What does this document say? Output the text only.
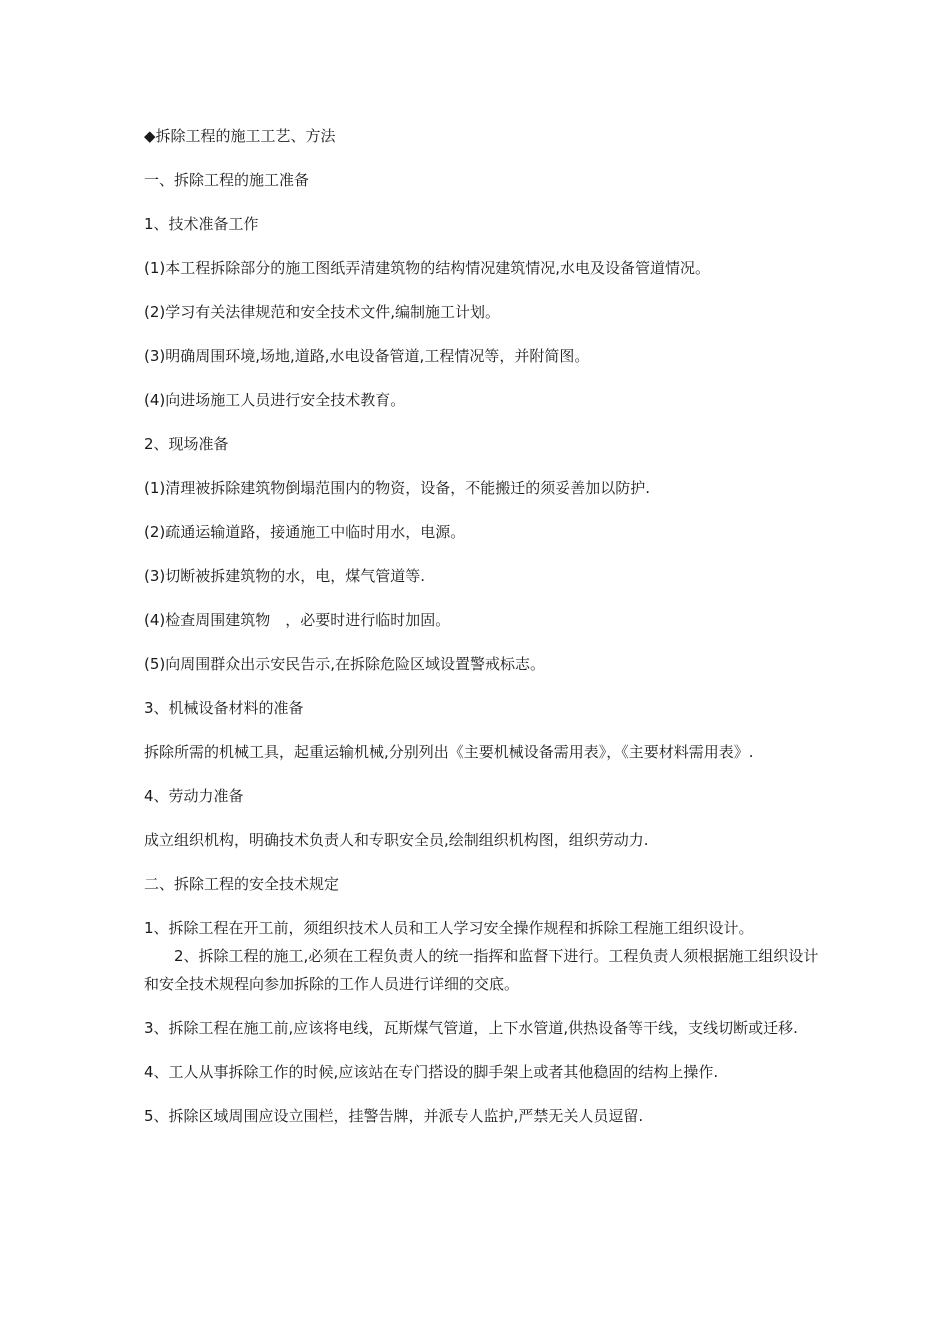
◆拆除工程的施工工艺、方法

一、拆除工程的施工准备

1、技术准备工作

(1)本工程拆除部分的施工图纸弄清建筑物的结构情况建筑情况,水电及设备管道情况。

(2)学习有关法律规范和安全技术文件,编制施工计划。

(3)明确周围环境,场地,道路,水电设备管道,工程情况等，并附简图。

(4)向进场施工人员进行安全技术教育。

2、现场准备

(1)清理被拆除建筑物倒塌范围内的物资，设备，不能搬迁的须妥善加以防护.

(2)疏通运输道路，接通施工中临时用水，电源。

(3)切断被拆建筑物的水，电，煤气管道等.

(4)检查周围建筑物　，必要时进行临时加固。

(5)向周围群众出示安民告示,在拆除危险区域设置警戒标志。

3、机械设备材料的准备

拆除所需的机械工具，起重运输机械,分别列出《主要机械设备需用表》，《主要材料需用表》.

4、劳动力准备

成立组织机构，明确技术负责人和专职安全员,绘制组织机构图，组织劳动力.

二、拆除工程的安全技术规定

1、拆除工程在开工前，须组织技术人员和工人学习安全操作规程和拆除工程施工组织设计。

2、拆除工程的施工,必须在工程负责人的统一指挥和监督下进行。工程负责人须根据施工组织设计和安全技术规程向参加拆除的工作人员进行详细的交底。

3、拆除工程在施工前,应该将电线，瓦斯煤气管道，上下水管道,供热设备等干线，支线切断或迁移.

4、工人从事拆除工作的时候,应该站在专门搭设的脚手架上或者其他稳固的结构上操作.

5、拆除区域周围应设立围栏，挂警告牌，并派专人监护,严禁无关人员逗留.
